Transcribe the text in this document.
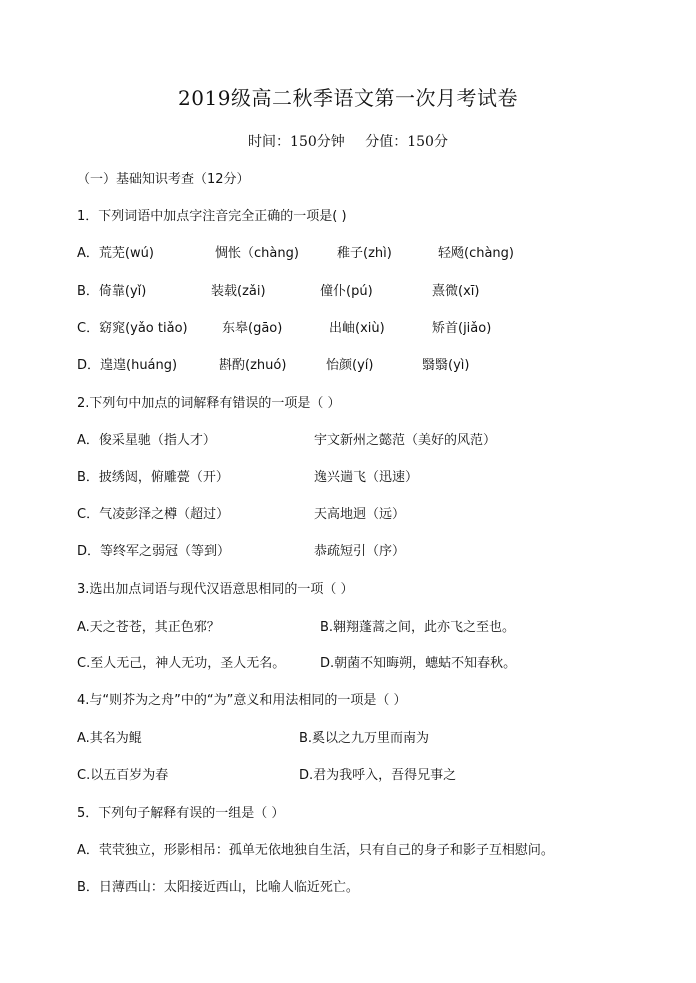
2019级高二秋季语文第一次月考试卷
时间：150分钟 分值：150分
（一）基础知识考查（12分）
1．下列词语中加点字注音完全正确的一项是( )
A．荒芜(wú)	惆怅（chàng)	稚子(zhì)	轻飏(chàng)
B．倚靠(yǐ)	装载(zǎi)	僮仆(pú)	熹微(xī)
C．窈窕(yǎo tiǎo)	东皋(gāo)	出岫(xiù)	矫首(jiǎo)
D．遑遑(huáng)	斟酌(zhuó)	怡颜(yí)	翳翳(yì)
2.下列句中加点的词解释有错误的一项是（ ）
A．俊采星驰（指人才）	宇文新州之懿范（美好的风范）
B．披绣闼，俯雕甍（开）	逸兴遄飞（迅速）
C．气凌彭泽之樽（超过）	天高地迥（远）
D．等终军之弱冠（等到）	恭疏短引（序）
3.选出加点词语与现代汉语意思相同的一项（ ）
A.天之苍苍，其正色邪？	B.翱翔蓬蒿之间，此亦飞之至也。
C.至人无己，神人无功，圣人无名。	D.朝菌不知晦朔，蟪蛄不知春秋。
4.与“则芥为之舟”中的“为”意义和用法相同的一项是（ ）
A.其名为鲲	B.奚以之九万里而南为
C.以五百岁为春	D.君为我呼入，吾得兄事之
5．下列句子解释有误的一组是（ ）
A．茕茕独立，形影相吊：孤单无依地独自生活，只有自己的身子和影子互相慰问。
B．日薄西山：太阳接近西山，比喻人临近死亡。
